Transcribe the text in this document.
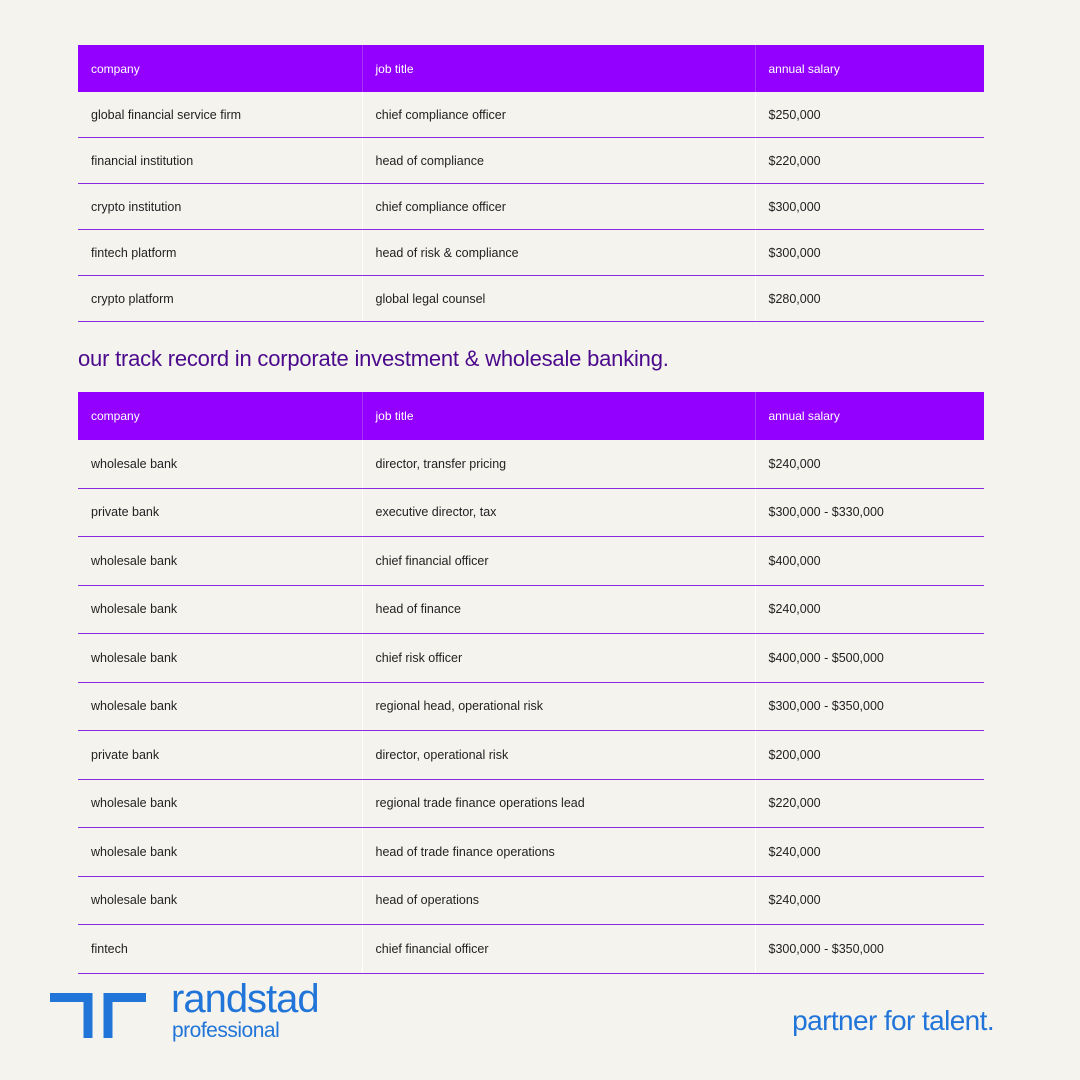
company	job title	annual salary
global financial service firm	chief compliance officer	$250,000
financial institution	head of compliance	$220,000
crypto institution	chief compliance officer	$300,000
fintech platform	head of risk & compliance	$300,000
crypto platform	global legal counsel	$280,000
our track record in corporate investment & wholesale banking.
company	job title	annual salary
wholesale bank	director, transfer pricing	$240,000
private bank	executive director, tax	$300,000 - $330,000
wholesale bank	chief financial officer	$400,000
wholesale bank	head of finance	$240,000
wholesale bank	chief risk officer	$400,000 - $500,000
wholesale bank	regional head, operational risk	$300,000 - $350,000
private bank	director, operational risk	$200,000
wholesale bank	regional trade finance operations lead	$220,000
wholesale bank	head of trade finance operations	$240,000
wholesale bank	head of operations	$240,000
fintech	chief financial officer	$300,000 - $350,000
randstad
professional	partner for talent.
